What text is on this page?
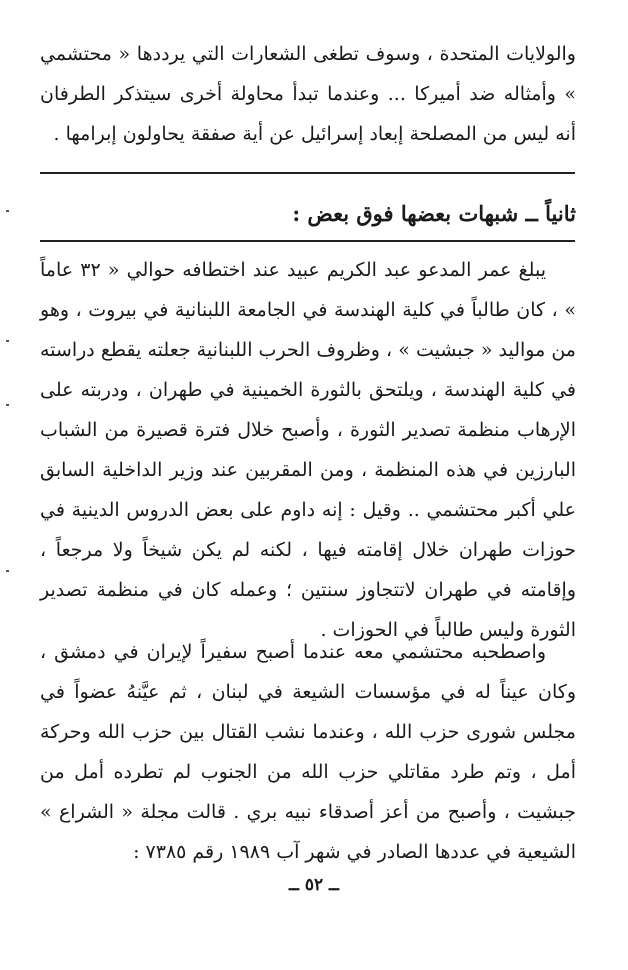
والولايات المتحدة ، وسوف تطغى الشعارات التي يرددها « محتشمي » وأمثاله ضد أميركا ... وعندما تبدأ محاولة أخرى سيتذكر الطرفان أنه ليس من المصلحة إبعاد إسرائيل عن أية صفقة يحاولون إبرامها .

ثانياً ــ شبهات بعضها فوق بعض :

يبلغ عمر المدعو عبد الكريم عبيد عند اختطافه حوالي « ٣٢ عاماً » ، كان طالباً في كلية الهندسة في الجامعة اللبنانية في بيروت ، وهو من مواليد « جبشيت » ، وظروف الحرب اللبنانية جعلته يقطع دراسته في كلية الهندسة ، ويلتحق بالثورة الخمينية في طهران ، ودربته على الإرهاب منظمة تصدير الثورة ، وأصبح خلال فترة قصيرة من الشباب البارزين في هذه المنظمة ، ومن المقربين عند وزير الداخلية السابق علي أكبر محتشمي .. وقيل : إنه داوم على بعض الدروس الدينية في حوزات طهران خلال إقامته فيها ، لكنه لم يكن شيخاً ولا مرجعاً ، وإقامته في طهران لاتتجاوز سنتين ؛ وعمله كان في منظمة تصدير الثورة وليس طالباً في الحوزات .

واصطحبه محتشمي معه عندما أصبح سفيراً لإيران في دمشق ، وكان عيناً له في مؤسسات الشيعة في لبنان ، ثم عيَّنهُ عضواً في مجلس شورى حزب الله ، وعندما نشب القتال بين حزب الله وحركة أمل ، وتم طرد مقاتلي حزب الله من الجنوب لم تطرده أمل من جبشيت ، وأصبح من أعز أصدقاء نبيه بري . قالت مجلة « الشراع » الشيعية في عددها الصادر في شهر آب ١٩٨٩ رقم ٧٣٨٥ :

ــ ٥٢ ــ
